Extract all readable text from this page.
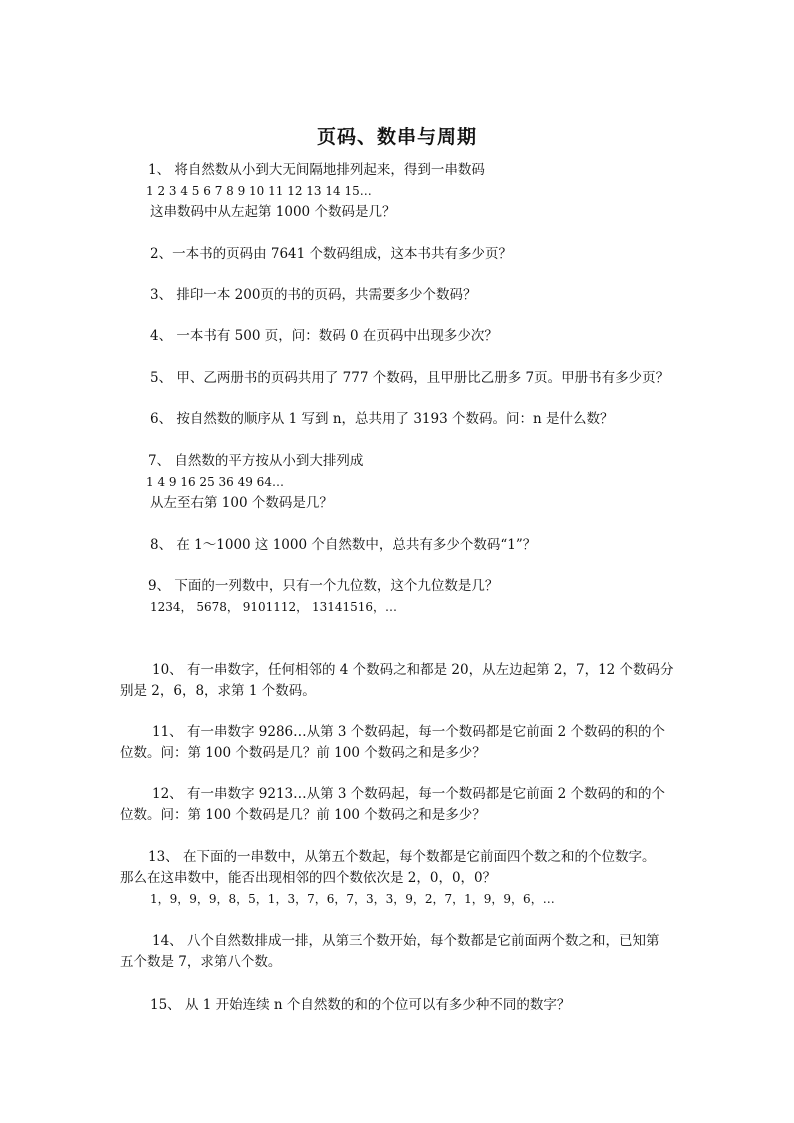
页码、数串与周期
1、 将自然数从小到大无间隔地排列起来，得到一串数码
1 2 3 4 5 6 7 8 9 10 11 12 13 14 15…
这串数码中从左起第 1000 个数码是几？
2、一本书的页码由 7641 个数码组成，这本书共有多少页？
3、 排印一本 200页的书的页码，共需要多少个数码？
4、 一本书有 500 页，问：数码 0 在页码中出现多少次？
5、 甲、乙两册书的页码共用了 777 个数码，且甲册比乙册多 7页。甲册书有多少页？
6、 按自然数的顺序从 1 写到 n，总共用了 3193 个数码。问：n 是什么数？
7、 自然数的平方按从小到大排列成
1 4 9 16 25 36 49 64…
从左至右第 100 个数码是几？
8、 在 1～1000 这 1000 个自然数中，总共有多少个数码“1”？
9、 下面的一列数中，只有一个九位数，这个九位数是几？
1234， 5678， 9101112， 13141516，…
10、 有一串数字，任何相邻的 4 个数码之和都是 20，从左边起第 2，7，12 个数码分
别是 2，6，8，求第 1 个数码。
11、 有一串数字 9286…从第 3 个数码起，每一个数码都是它前面 2 个数码的积的个
位数。问：第 100 个数码是几？前 100 个数码之和是多少？
12、 有一串数字 9213…从第 3 个数码起，每一个数码都是它前面 2 个数码的和的个
位数。问：第 100 个数码是几？前 100 个数码之和是多少？
13、 在下面的一串数中，从第五个数起，每个数都是它前面四个数之和的个位数字。
那么在这串数中，能否出现相邻的四个数依次是 2，0，0，0？
1，9，9，9，8，5，1，3，7，6，7，3，3，9，2，7，1，9，9，6，…
14、 八个自然数排成一排，从第三个数开始，每个数都是它前面两个数之和，已知第
五个数是 7，求第八个数。
15、 从 1 开始连续 n 个自然数的和的个位可以有多少种不同的数字？
